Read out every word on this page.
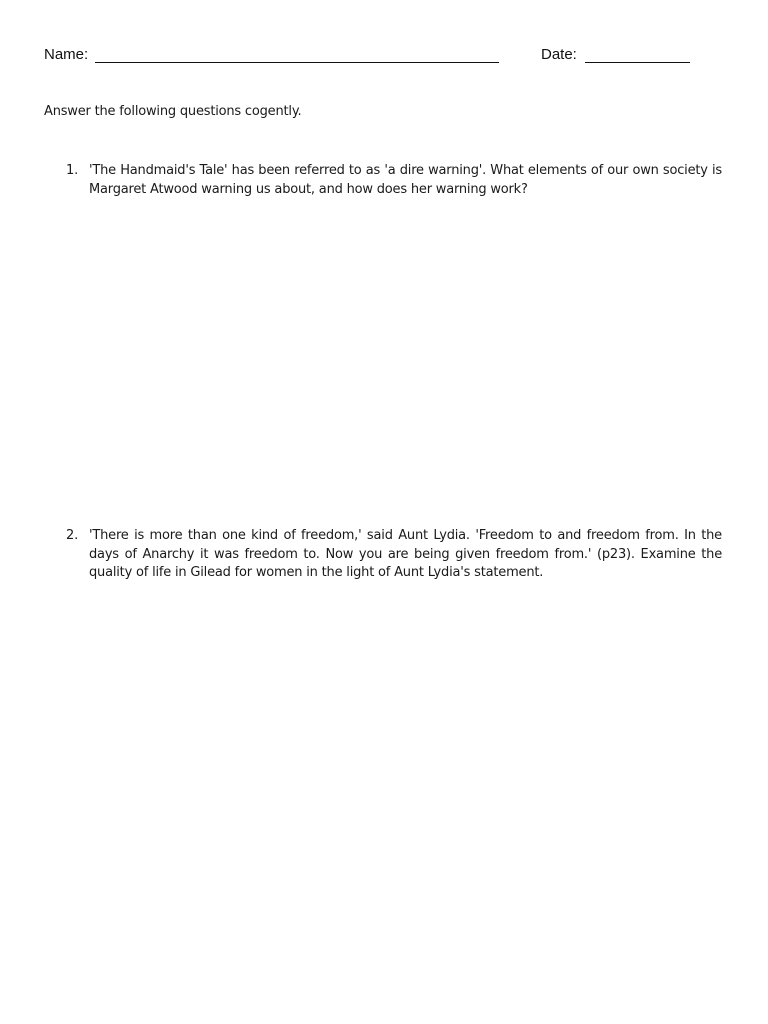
Name:	Date:
Answer the following questions cogently.
1. 'The Handmaid's Tale' has been referred to as 'a dire warning'. What elements of our own society is Margaret Atwood warning us about, and how does her warning work?
2. 'There is more than one kind of freedom,' said Aunt Lydia. 'Freedom to and freedom from. In the days of Anarchy it was freedom to. Now you are being given freedom from.' (p23). Examine the quality of life in Gilead for women in the light of Aunt Lydia's statement.
